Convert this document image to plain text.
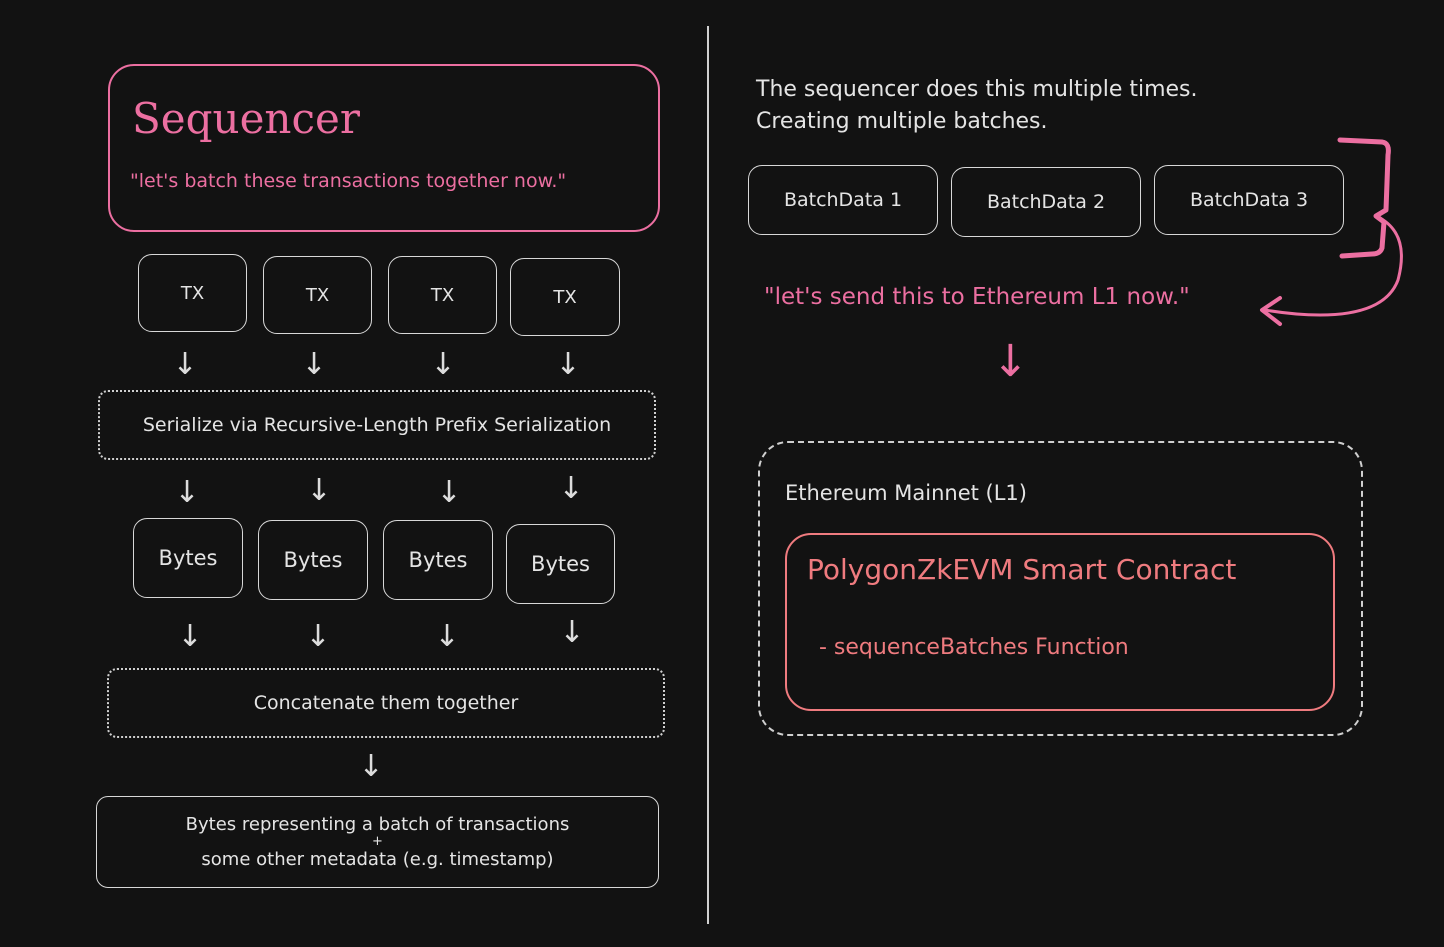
Sequencer
"let's batch these transactions together now."
TX	TX	TX	TX
↓	↓	↓	↓
Serialize via Recursive-Length Prefix Serialization
↓	↓	↓	↓
Bytes	Bytes	Bytes	Bytes
↓	↓	↓	↓
Concatenate them together
↓
Bytes representing a batch of transactions
+
some other metadata (e.g. timestamp)
The sequencer does this multiple times.
Creating multiple batches.
BatchData 1	BatchData 2	BatchData 3
"let's send this to Ethereum L1 now."
↓
Ethereum Mainnet (L1)
PolygonZkEVM Smart Contract
- sequenceBatches Function
